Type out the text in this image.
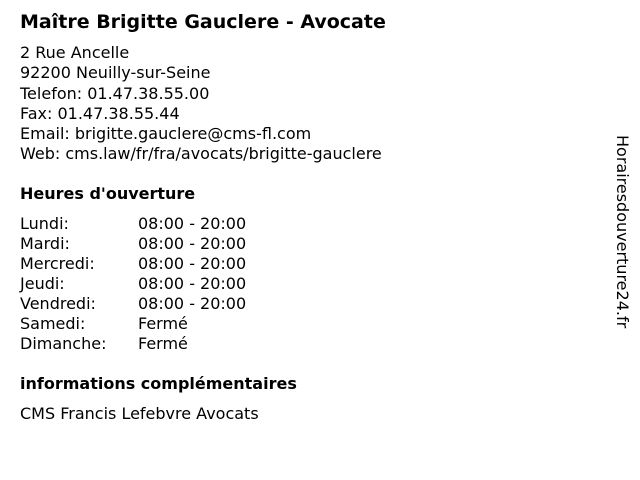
Maître Brigitte Gauclere - Avocate
2 Rue Ancelle
92200 Neuilly-sur-Seine
Telefon: 01.47.38.55.00
Fax: 01.47.38.55.44
Email: brigitte.gauclere@cms-fl.com
Web: cms.law/fr/fra/avocats/brigitte-gauclere
Heures d'ouverture
Lundi:	08:00 - 20:00
Mardi:	08:00 - 20:00
Mercredi:	08:00 - 20:00
Jeudi:	08:00 - 20:00
Vendredi:	08:00 - 20:00
Samedi:	Fermé
Dimanche: Fermé
informations complémentaires
CMS Francis Lefebvre Avocats
Horairesdouverture24.fr
